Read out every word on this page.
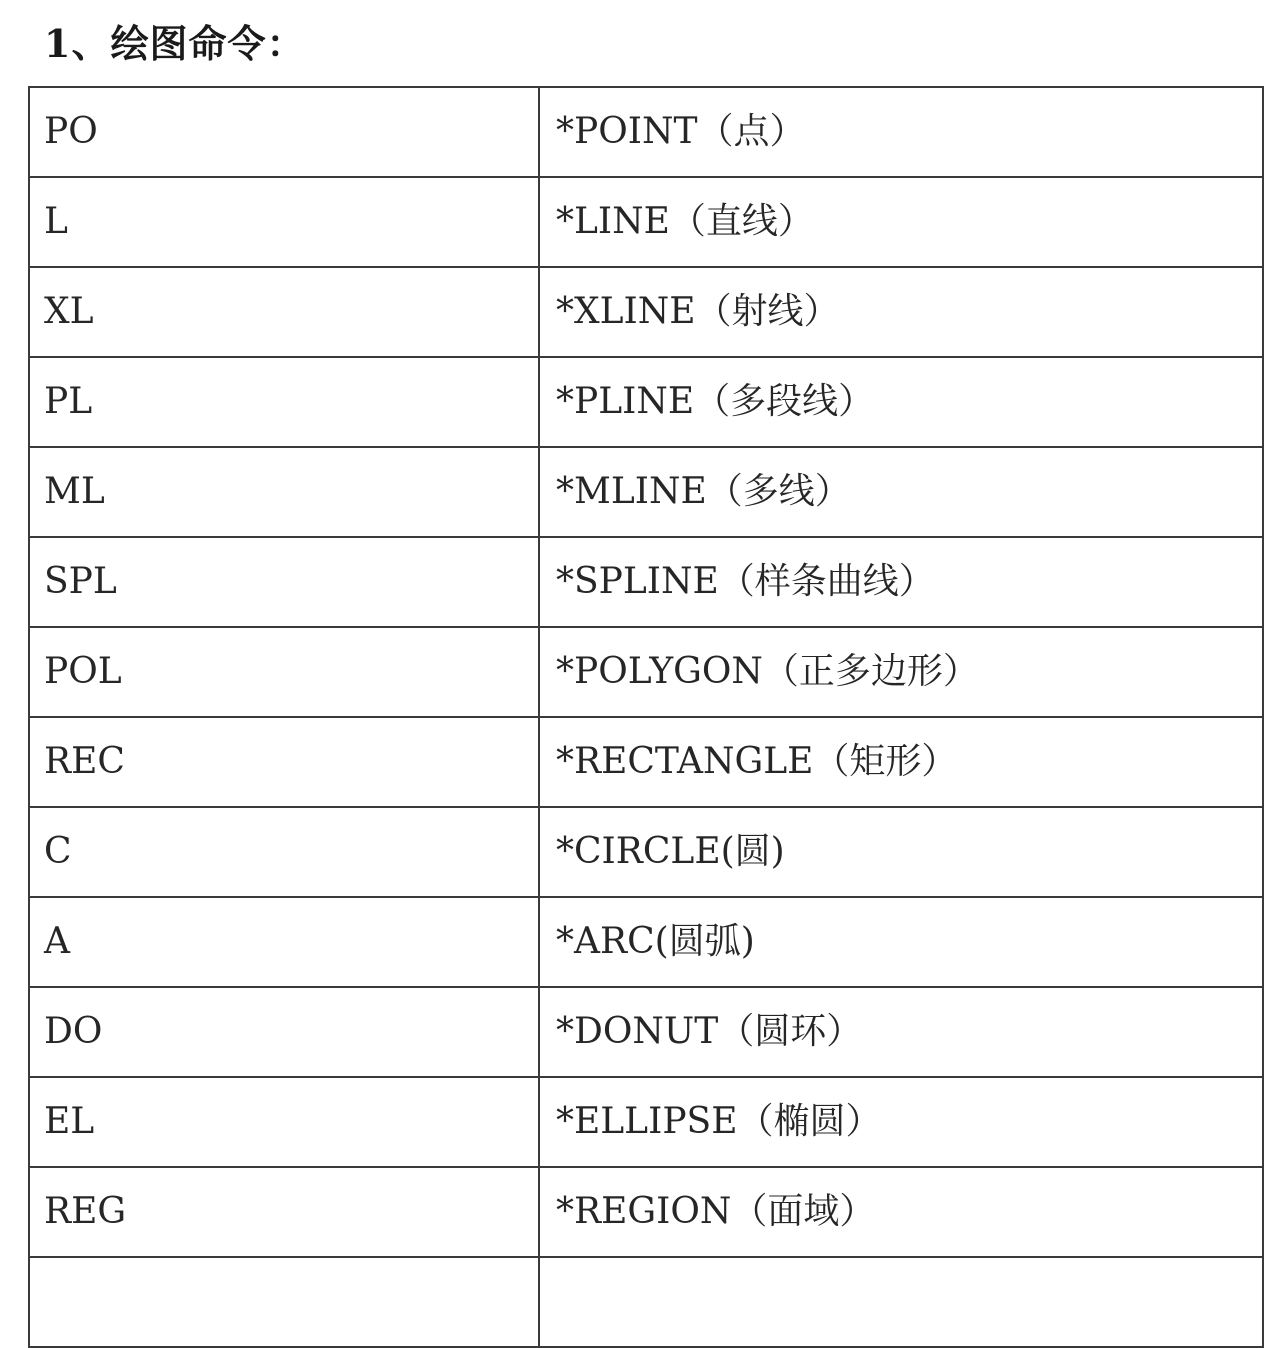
1、绘图命令：
PO	*POINT（点）
L	*LINE（直线）
XL	*XLINE（射线）
PL	*PLINE（多段线）
ML	*MLINE（多线）
SPL	*SPLINE（样条曲线）
POL	*POLYGON（正多边形）
REC	*RECTANGLE（矩形）
C	*CIRCLE(圆)
A	*ARC(圆弧)
DO	*DONUT（圆环）
EL	*ELLIPSE（椭圆）
REG	*REGION（面域）
